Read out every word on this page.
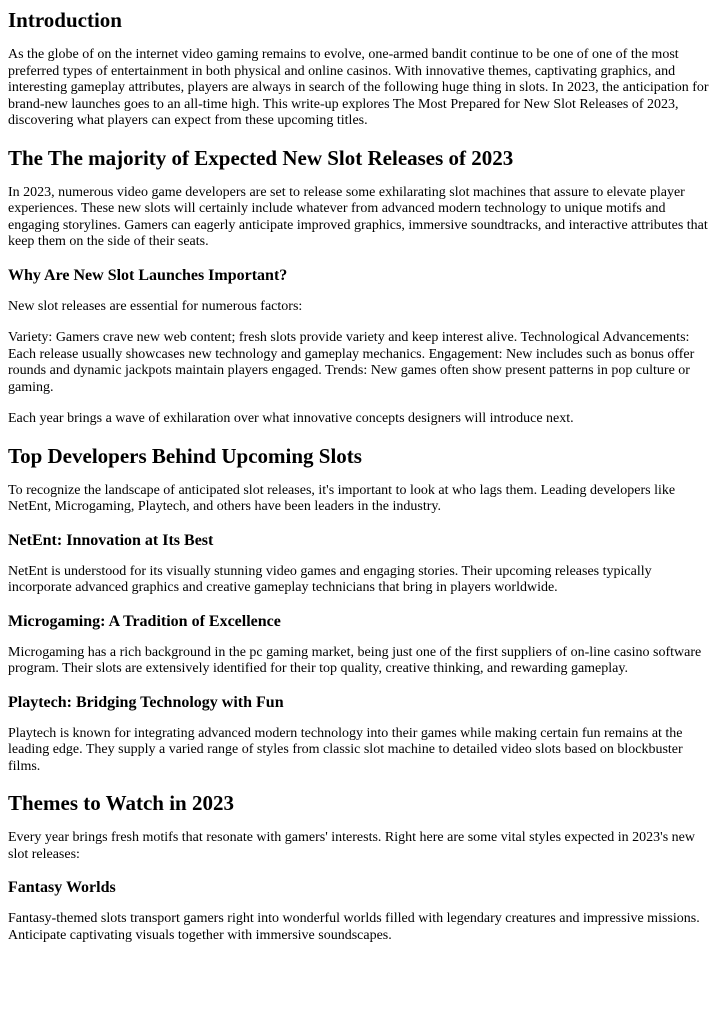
Introduction

As the globe of on the internet video gaming remains to evolve, one-armed bandit continue to be one of one of the most preferred types of entertainment in both physical and online casinos. With innovative themes, captivating graphics, and interesting gameplay attributes, players are always in search of the following huge thing in slots. In 2023, the anticipation for brand-new launches goes to an all-time high. This write-up explores The Most Prepared for New Slot Releases of 2023, discovering what players can expect from these upcoming titles.

The The majority of Expected New Slot Releases of 2023

In 2023, numerous video game developers are set to release some exhilarating slot machines that assure to elevate player experiences. These new slots will certainly include whatever from advanced modern technology to unique motifs and engaging storylines. Gamers can eagerly anticipate improved graphics, immersive soundtracks, and interactive attributes that keep them on the side of their seats.

Why Are New Slot Launches Important?

New slot releases are essential for numerous factors:

Variety: Gamers crave new web content; fresh slots provide variety and keep interest alive. Technological Advancements: Each release usually showcases new technology and gameplay mechanics. Engagement: New includes such as bonus offer rounds and dynamic jackpots maintain players engaged. Trends: New games often show present patterns in pop culture or gaming.

Each year brings a wave of exhilaration over what innovative concepts designers will introduce next.

Top Developers Behind Upcoming Slots

To recognize the landscape of anticipated slot releases, it's important to look at who lags them. Leading developers like NetEnt, Microgaming, Playtech, and others have been leaders in the industry.

NetEnt: Innovation at Its Best

NetEnt is understood for its visually stunning video games and engaging stories. Their upcoming releases typically incorporate advanced graphics and creative gameplay technicians that bring in players worldwide.

Microgaming: A Tradition of Excellence

Microgaming has a rich background in the pc gaming market, being just one of the first suppliers of on-line casino software program. Their slots are extensively identified for their top quality, creative thinking, and rewarding gameplay.

Playtech: Bridging Technology with Fun

Playtech is known for integrating advanced modern technology into their games while making certain fun remains at the leading edge. They supply a varied range of styles from classic slot machine to detailed video slots based on blockbuster films.

Themes to Watch in 2023

Every year brings fresh motifs that resonate with gamers' interests. Right here are some vital styles expected in 2023's new slot releases:

Fantasy Worlds

Fantasy-themed slots transport gamers right into wonderful worlds filled with legendary creatures and impressive missions. Anticipate captivating visuals together with immersive soundscapes.
